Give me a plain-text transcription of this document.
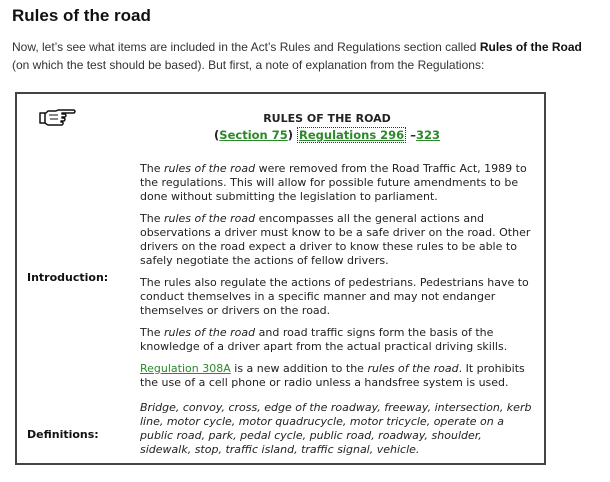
Rules of the road
Now, let’s see what items are included in the Act’s Rules and Regulations section called Rules of the Road (on which the test should be based). But first, a note of explanation from the Regulations:
RULES OF THE ROAD
(Section 75) Regulations 296 –323

The rules of the road were removed from the Road Traffic Act, 1989 to the regulations. This will allow for possible future amendments to be done without submitting the legislation to parliament.

The rules of the road encompasses all the general actions and observations a driver must know to be a safe driver on the road. Other drivers on the road expect a driver to know these rules to be able to safely negotiate the actions of fellow drivers.

The rules also regulate the actions of pedestrians. Pedestrians have to conduct themselves in a specific manner and may not endanger themselves or drivers on the road.

The rules of the road and road traffic signs form the basis of the knowledge of a driver apart from the actual practical driving skills.

Regulation 308A is a new addition to the rules of the road. It prohibits the use of a cell phone or radio unless a handsfree system is used.

Introduction:
Bridge, convoy, cross, edge of the roadway, freeway, intersection, kerb line, motor cycle, motor quadrucycle, motor tricycle, operate on a public road, park, pedal cycle, public road, roadway, shoulder, sidewalk, stop, traffic island, traffic signal, vehicle.
Definitions:
